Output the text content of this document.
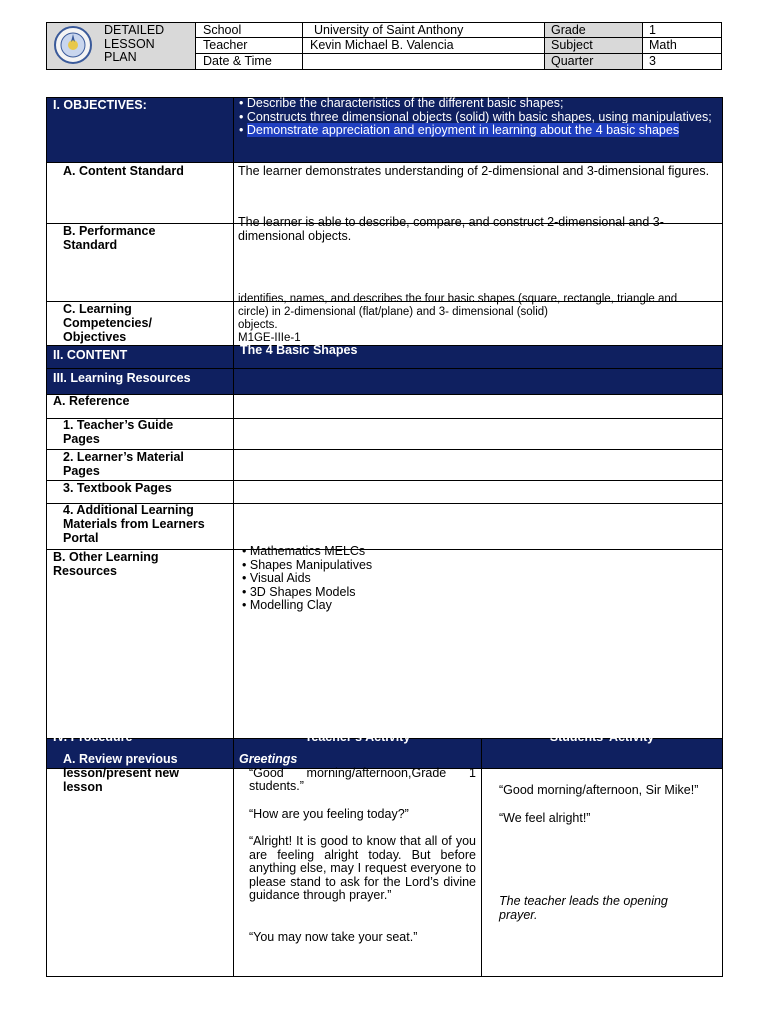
DETAILED
LESSON
PLAN
School	University of Saint Anthony	Grade	1
Teacher	Kevin Michael B. Valencia	Subject	Math
Date & Time	Quarter	3
I. OBJECTIVES:
•	Describe the characteristics of the different basic shapes;
• Constructs three dimensional objects (solid) with basic shapes, using manipulatives;
• Demonstrate appreciation and enjoyment in learning about the 4 basic shapes
A. Content Standard	The learner demonstrates understanding of 2-dimensional and 3-dimensional figures.
B. Performance
Standard
The learner is able to describe, compare, and construct 2-dimensional and 3-dimensional objects.
C. Learning
Competencies/
Objectives
identifies, names, and describes the four basic shapes (square, rectangle, triangle and
circle) in 2-dimensional (flat/plane) and 3- dimensional (solid)
objects.
M1GE-IIIe-1
II. CONTENT	The 4 Basic Shapes
III. Learning Resources
A. Reference
1. Teacher’s Guide
Pages
2. Learner’s Material
Pages
3. Textbook Pages
4. Additional Learning
Materials from Learners
Portal
B. Other Learning
Resources
• Mathematics MELCs
• Shapes Manipulatives
• Visual Aids
• 3D Shapes Models
• Modelling Clay
IV. Procedure	Teacher’s Activity	Students’ Activity
A. Review previous
lesson/present new
lesson
Greetings
“Good morning/afternoon,Grade 1 students.”
“How are you feeling today?”
“Alright! It is good to know that all of you are feeling alright today. But before anything else, may I request everyone to please stand to ask for the Lord’s divine guidance through prayer.”
“You may now take your seat.”
“Good morning/afternoon, Sir Mike!”
“We feel alright!”
The teacher leads the opening prayer.
